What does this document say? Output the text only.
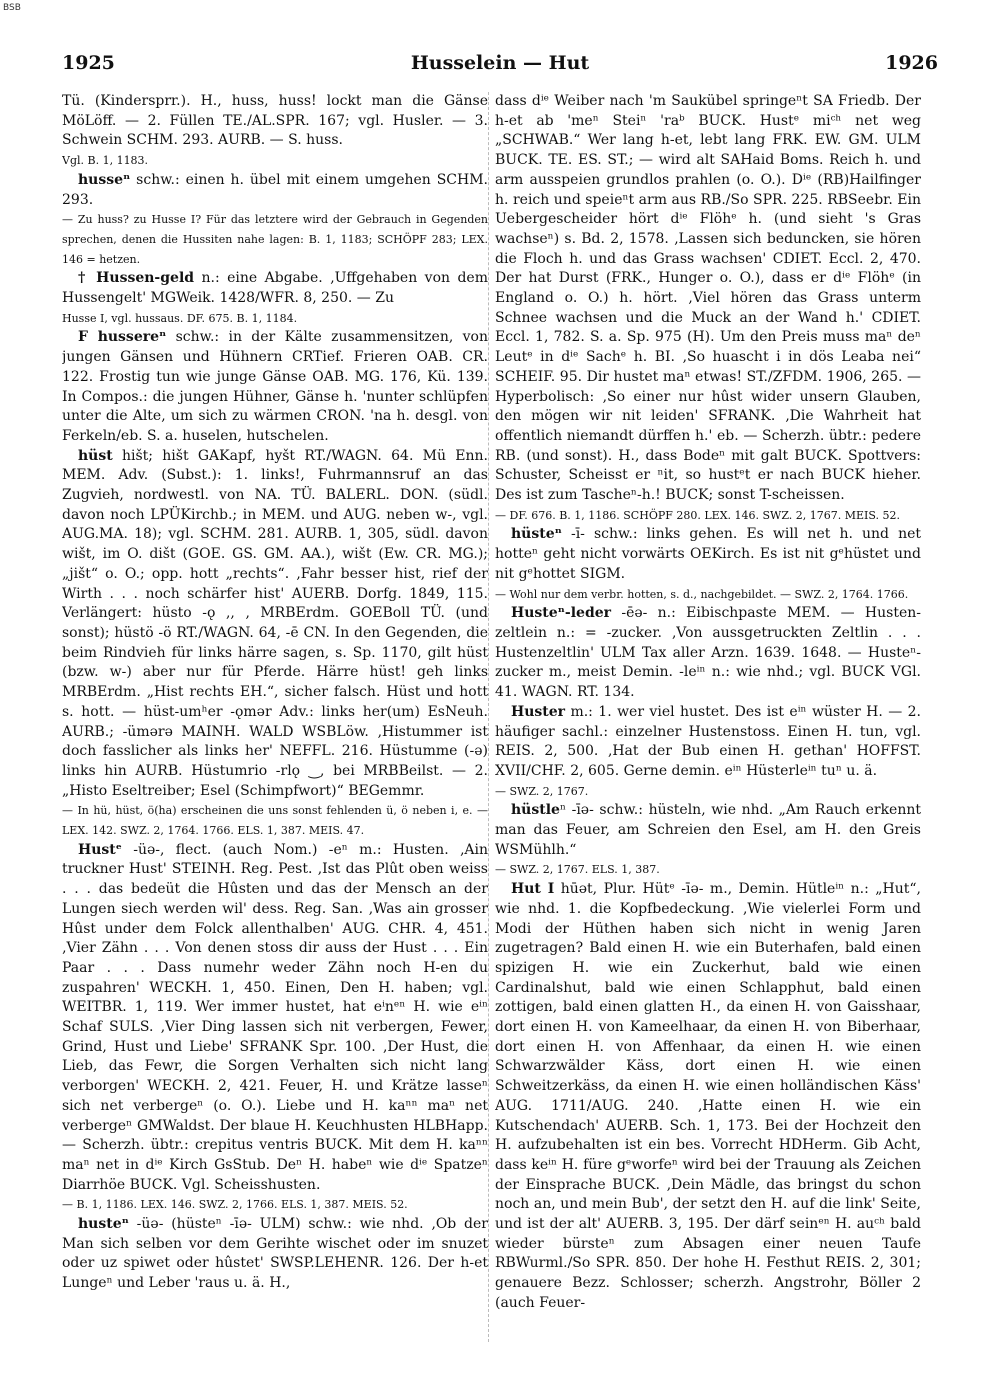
BSB
1925	Husselein — Hut	1926

Tü. (Kindersprr.). H., huss, huss! lockt man die Gänse MöLöff. — 2. Füllen TE./AL.SPR. 167; vgl. Husler. — 3. Schwein SCHM. 293. AURB. — S. huss.

Vgl. B. 1, 1183.

husseⁿ schw.: einen h. übel mit einem umgehen SCHM. 293.

— Zu huss? zu Husse I? Für das letztere wird der Gebrauch in Gegenden sprechen, denen die Hussiten nahe lagen: B. 1, 1183; SCHÖPF 283; LEX. 146 = hetzen.

† Hussen-geld n.: eine Abgabe. ‚Uffgehaben von dem Hussengelt' MGWeik. 1428/WFR. 8, 250. — Zu

Husse I, vgl. hussaus. DF. 675. B. 1, 1184.

F hussereⁿ schw.: in der Kälte zusammensitzen, von jungen Gänsen und Hühnern CRTief. Frieren OAB. CR. 122. Frostig tun wie junge Gänse OAB. MG. 176, Kü. 139. In Compos.: die jungen Hühner, Gänse h. 'nunter schlüpfen unter die Alte, um sich zu wärmen CRON. 'na h. desgl. von Ferkeln/eb. S. a. huselen, hutschelen.

hüst hišt; hišt GAKapf, hyšt RT./WAGN. 64. Mü Enn. MEM. Adv. (Subst.): 1. links!, Fuhrmannsruf an das Zugvieh, nordwestl. von NA. TÜ. BALERL. DON. (südl. davon noch LPÜKirchb.; in MEM. und AUG. neben w-, vgl. AUG.MA. 18); vgl. SCHM. 281. AURB. 1, 305, südl. davon wišt, im O. dišt (GOE. GS. GM. AA.), wišt (Ew. CR. MG.); „jišt“ o. O.; opp. hott „rechts“. ‚Fahr besser hist, rief der Wirth . . . noch schärfer hist' AUERB. Dorfg. 1849, 115. Verlängert: hüsto -ǫ ‚, ‚ MRBErdm. GOEBoll TÜ. (und sonst); hüstö -ö RT./WAGN. 64, -ē CN. In den Gegenden, die beim Rindvieh für links härre sagen, s. Sp. 1170, gilt hüst (bzw. w-) aber nur für Pferde. Härre hüst! geh links MRBErdm. „Hist rechts EH.“, sicher falsch. Hüst und hott s. hott. — hüst-umʰer -ǫmər Adv.: links her(um) EsNeuh. AURB.; -ümərə MAINH. WALD WSBLöw. ‚Histummer ist doch fasslicher als links her' NEFFL. 216. Hüstumme (-ə) links hin AURB. Hüstumrio -rlǫ ‿, bei MRBBeilst. — 2. „Histo Eseltreiber; Esel (Schimpfwort)“ BEGemmr.

— In hü, hüst, ö(ha) erscheinen die uns sonst fehlenden ü, ö neben i, e. — LEX. 142. SWZ. 2, 1764. 1766. ELS. 1, 387. MEIS. 47.

Hustᵉ -üə-, flect. (auch Nom.) -eⁿ m.: Husten. ‚Ain truckner Hust' STEINH. Reg. Pest. ‚Ist das Plût oben weiss . . . das bedeüt die Hûsten und das der Mensch an der Lungen siech werden wil' dess. Reg. San. ‚Was ain grosser Hûst under dem Folck allenthalben' AUG. CHR. 4, 451. ‚Vier Zähn . . . Von denen stoss dir auss der Hust . . . Ein Paar . . . Dass numehr weder Zähn noch H-en du zuspahren' WECKH. 1, 450. Einen, Den H. haben; vgl. WEITBR. 1, 119. Wer immer hustet, hat eⁱnᵉⁿ H. wie eⁱⁿ Schaf SULS. ‚Vier Ding lassen sich nit verbergen, Fewer, Grind, Hust und Liebe' SFRANK Spr. 100. ‚Der Hust, die Lieb, das Fewr, die Sorgen Verhalten sich nicht lang verborgen' WECKH. 2, 421. Feuer, H. und Krätze lasseⁿ sich net verbergeⁿ (o. O.). Liebe und H. kaⁿⁿ maⁿ net verbergeⁿ GMWaldst. Der blaue H. Keuchhusten HLBHapp. — Scherzh. übtr.: crepitus ventris BUCK. Mit dem H. kaⁿⁿ maⁿ net in dⁱᵉ Kirch GsStub. Deⁿ H. habeⁿ wie dⁱᵉ Spatzeⁿ Diarrhöe BUCK. Vgl. Scheisshusten.

— B. 1, 1186. LEX. 146. SWZ. 2, 1766. ELS. 1, 387. MEIS. 52.

husteⁿ -üə- (hüsteⁿ -īə- ULM) schw.: wie nhd. ‚Ob der Man sich selben vor dem Gerihte wischet oder im snuzet oder uz spiwet oder hûstet' SWSP.LEHENR. 126. Der h-et Lungeⁿ und Leber 'raus u. ä. H.,

dass dⁱᵉ Weiber nach 'm Saukübel springeⁿt SA Friedb. Der h-et ab 'meⁿ Steiⁿ 'raᵇ BUCK. Hustᵉ miᶜʰ net weg „SCHWAB.“ Wer lang h-et, lebt lang FRK. EW. GM. ULM BUCK. TE. ES. ST.; — wird alt SAHaid Boms. Reich h. und arm ausspeien grundlos prahlen (o. O.). Dⁱᵉ (RB)Hailfinger h. reich und speieⁿt arm aus RB./So SPR. 225. RBSeebr. Ein Uebergescheider hört dⁱᵉ Flöhᵉ h. (und sieht 's Gras wachseⁿ) s. Bd. 2, 1578. ‚Lassen sich beduncken, sie hören die Floch h. und das Grass wachsen' CDIET. Eccl. 2, 470. Der hat Durst (FRK., Hunger o. O.), dass er dⁱᵉ Flöhᵉ (in England o. O.) h. hört. ‚Viel hören das Grass unterm Schnee wachsen und die Muck an der Wand h.' CDIET. Eccl. 1, 782. S. a. Sp. 975 (H). Um den Preis muss maⁿ deⁿ Leutᵉ in dⁱᵉ Sachᵉ h. BI. ‚So huascht i in dös Leaba nei“ SCHEIF. 95. Dir hustet maⁿ etwas! ST./ZFDM. 1906, 265. — Hyperbolisch: ‚So einer nur hûst wider unsern Glauben, den mögen wir nit leiden' SFRANK. ‚Die Wahrheit hat offentlich niemandt dürffen h.' eb. — Scherzh. übtr.: pedere RB. (und sonst). H., dass Bodeⁿ mit galt BUCK. Spottvers: Schuster, Scheisst er ⁿit, so hustᵉt er nach BUCK hieher. Des ist zum Tascheⁿ-h.! BUCK; sonst T-scheissen.

— DF. 676. B. 1, 1186. SCHÖPF 280. LEX. 146. SWZ. 2, 1767. MEIS. 52.

hüsteⁿ -ī- schw.: links gehen. Es will net h. und net hotteⁿ geht nicht vorwärts OEKirch. Es ist nit gᵉhüstet und nit gᵉhottet SIGM.

— Wohl nur dem verbr. hotten, s. d., nachgebildet. — SWZ. 2, 1764. 1766.

Husteⁿ-leder -ēə- n.: Eibischpaste MEM. — Husten-zeltlein n.: = -zucker. ‚Von aussgetruckten Zeltlin . . . Hustenzeltlin' ULM Tax aller Arzn. 1639. 1648. — Husteⁿ-zucker m., meist Demin. -leⁱⁿ n.: wie nhd.; vgl. BUCK VGl. 41. WAGN. RT. 134.

Huster m.: 1. wer viel hustet. Des ist eⁱⁿ wüster H. — 2. häufiger sachl.: einzelner Hustenstoss. Einen H. tun, vgl. REIS. 2, 500. ‚Hat der Bub einen H. gethan' HOFFST. XVII/CHF. 2, 605. Gerne demin. eⁱⁿ Hüsterleⁱⁿ tuⁿ u. ä.

— SWZ. 2, 1767.

hüstleⁿ -īə- schw.: hüsteln, wie nhd. „Am Rauch erkennt man das Feuer, am Schreien den Esel, am H. den Greis WSMühlh.“

— SWZ. 2, 1767. ELS. 1, 387.

Hut I hūət, Plur. Hütᵉ -īə- m., Demin. Hütleⁱⁿ n.: „Hut“, wie nhd. 1. die Kopfbedeckung. ‚Wie vielerlei Form und Modi der Hüthen haben sich nicht in wenig Jaren zugetragen? Bald einen H. wie ein Buterhafen, bald einen spizigen H. wie ein Zuckerhut, bald wie einen Cardinalshut, bald wie einen Schlapphut, bald einen zottigen, bald einen glatten H., da einen H. von Gaisshaar, dort einen H. von Kameelhaar, da einen H. von Biberhaar, dort einen H. von Affenhaar, da einen H. wie einen Schwarzwälder Käss, dort einen H. wie einen Schweitzerkäss, da einen H. wie einen holländischen Käss' AUG. 1711/AUG. 240. ‚Hatte einen H. wie ein Kutschendach' AUERB. Sch. 1, 173. Bei der Hochzeit den H. aufzubehalten ist ein bes. Vorrecht HDHerm. Gib Acht, dass keⁱⁿ H. füre gᵉworfeⁿ wird bei der Trauung als Zeichen der Einsprache BUCK. ‚Dein Mädle, das bringst du schon noch an, und mein Bub', der setzt den H. auf die link' Seite, und ist der alt' AUERB. 3, 195. Der därf seinᵉⁿ H. auᶜʰ bald wieder bürsteⁿ zum Absagen einer neuen Taufe RBWurml./So SPR. 850. Der hohe H. Festhut REIS. 2, 301; genauere Bezz. Schlosser; scherzh. Angstrohr, Böller 2 (auch Feuer-
